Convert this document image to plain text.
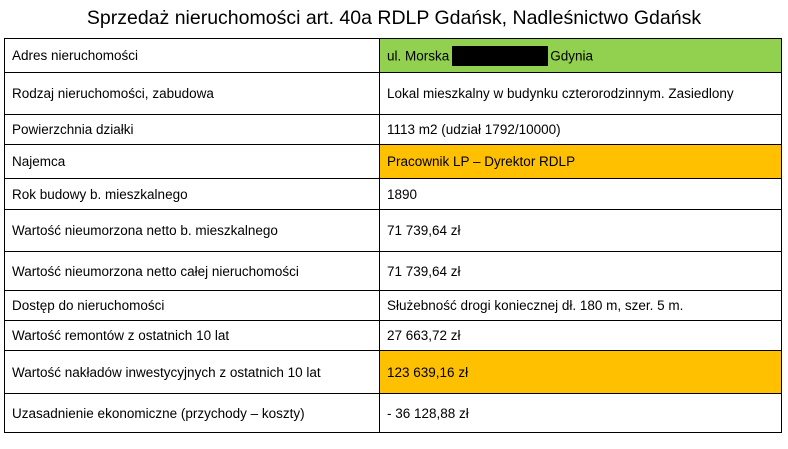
Sprzedaż nieruchomości art. 40a RDLP Gdańsk, Nadleśnictwo Gdańsk
Adres nieruchomości	ul. Morska Gdynia
Rodzaj nieruchomości, zabudowa	Lokal mieszkalny w budynku czterorodzinnym. Zasiedlony
Powierzchnia działki	1113 m2 (udział 1792/10000)
Najemca	Pracownik LP – Dyrektor RDLP
Rok budowy b. mieszkalnego	1890
Wartość nieumorzona netto b. mieszkalnego	71 739,64 zł
Wartość nieumorzona netto całej nieruchomości	71 739,64 zł
Dostęp do nieruchomości	Służebność drogi koniecznej dł. 180 m, szer. 5 m.
Wartość remontów z ostatnich 10 lat	27 663,72 zł
Wartość nakładów inwestycyjnych z ostatnich 10 lat	123 639,16 zł
Uzasadnienie ekonomiczne (przychody – koszty)	- 36 128,88 zł
